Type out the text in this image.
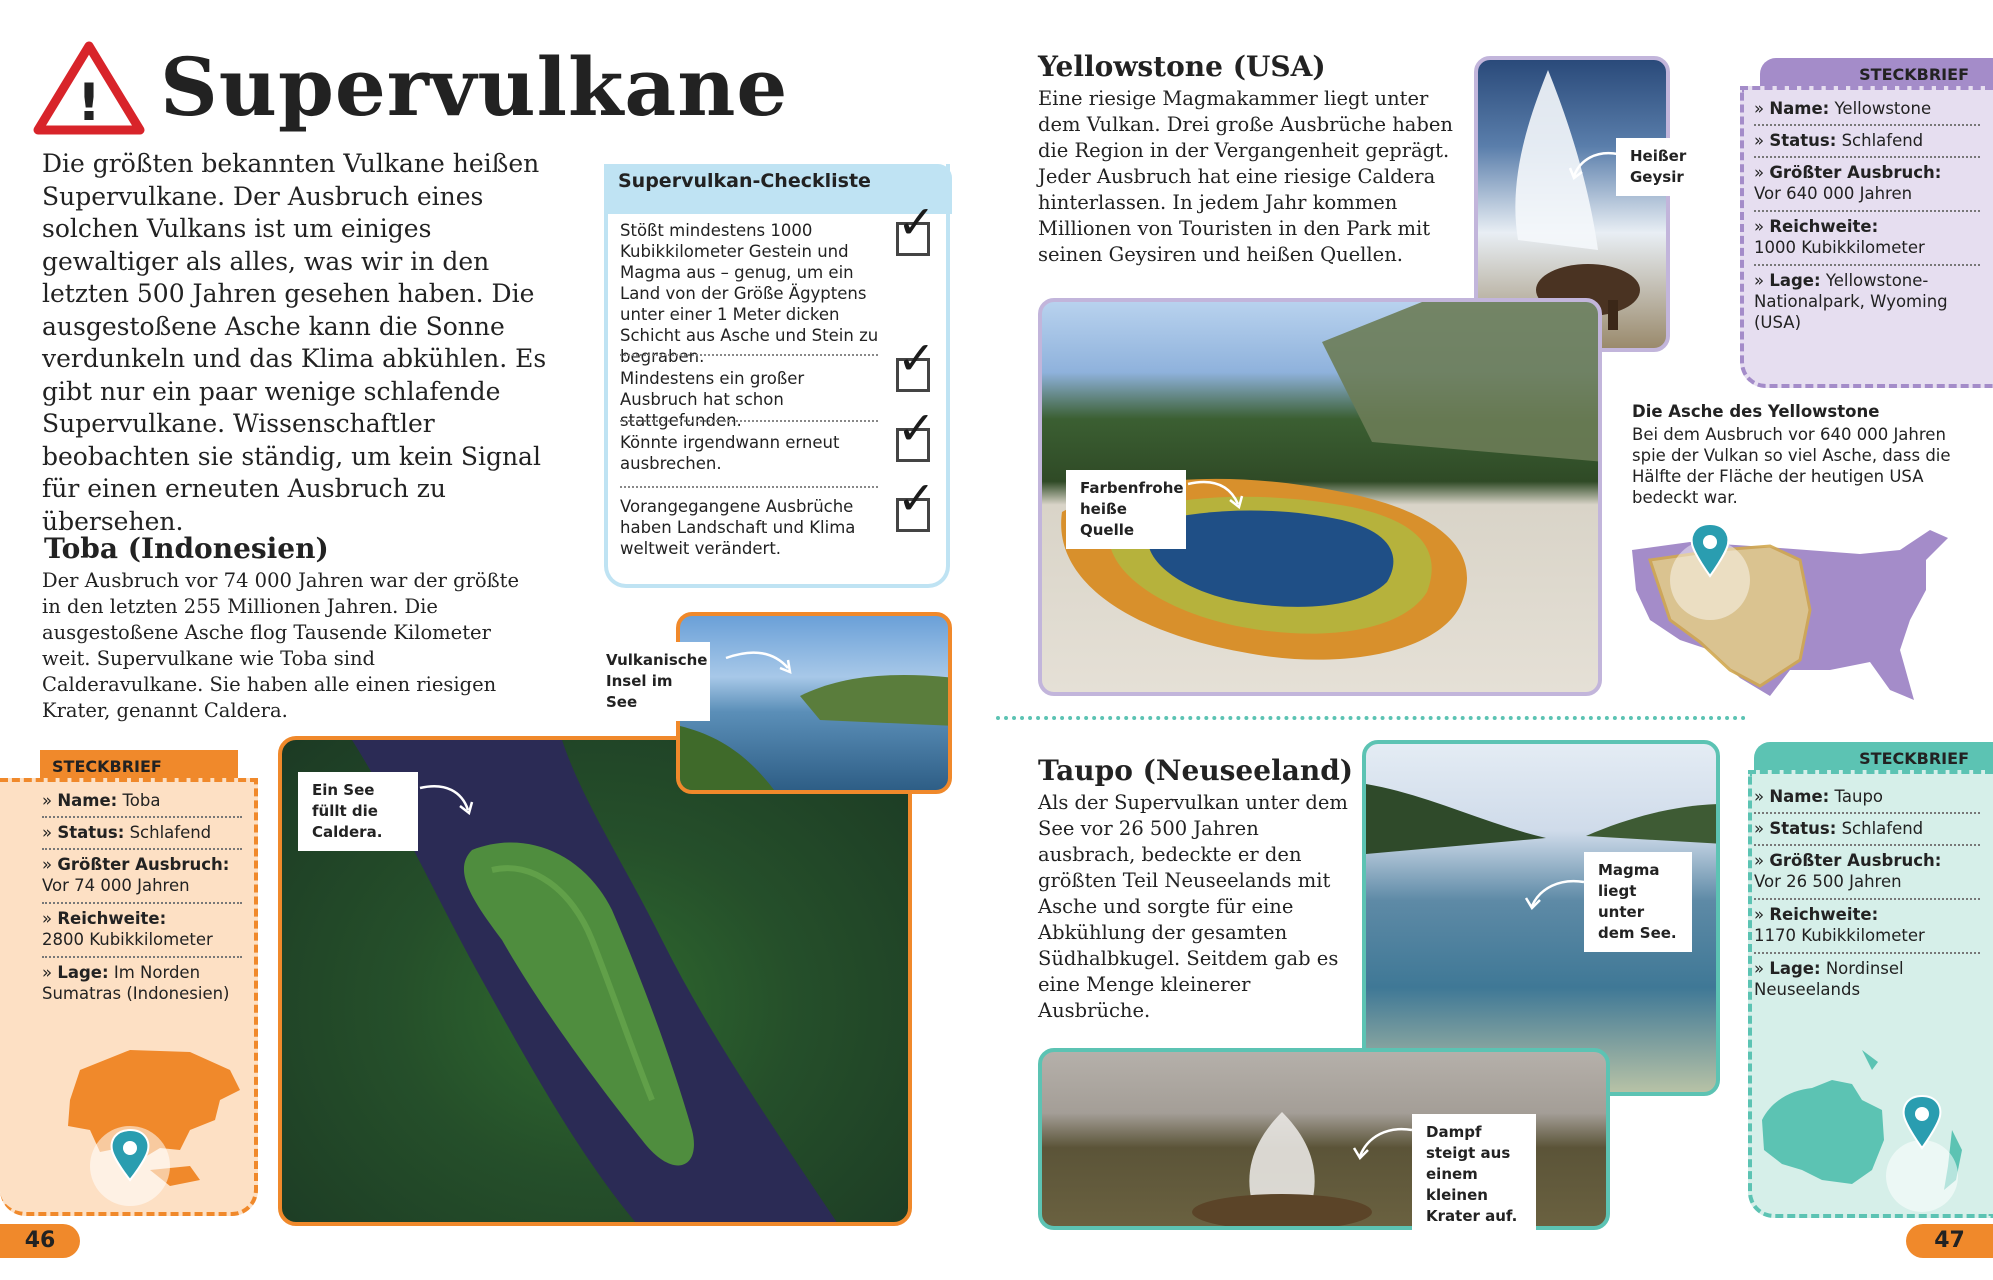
! Supervulkane
Die größten bekannten Vulkane heißen Supervulkane. Der Ausbruch eines solchen Vulkans ist um einiges gewaltiger als alles, was wir in den letzten 500 Jahren gesehen haben. Die ausgestoßene Asche kann die Sonne verdunkeln und das Klima abkühlen. Es gibt nur ein paar wenige schlafende Supervulkane. Wissenschaftler beobachten sie ständig, um kein Signal für einen erneuten Ausbruch zu übersehen.
Supervulkan-Checkliste
Stößt mindestens 1000 Kubikkilometer Gestein und Magma aus – genug, um ein Land von der Größe Ägyptens unter einer 1 Meter dicken Schicht aus Asche und Stein zu begraben.
✓
Mindestens ein großer Ausbruch hat schon stattgefunden.
✓
Könnte irgendwann erneut ausbrechen.
✓
Vorangegangene Ausbrüche haben Landschaft und Klima weltweit verändert.
✓
Toba (Indonesien)
Der Ausbruch vor 74 000 Jahren war der größte in den letzten 255 Millionen Jahren. Die ausgestoßene Asche flog Tausende Kilometer weit. Supervulkane wie Toba sind Calderavulkane. Sie haben alle einen riesigen Krater, genannt Caldera.
STECKBRIEF
» Name: Toba
» Status: Schlafend
» Größter Ausbruch:
Vor 74 000 Jahren
» Reichweite:
2800 Kubikkilometer
» Lage: Im Norden Sumatras (Indonesien)
Ein See füllt die Caldera.
Vulkanische Insel im See
46
Yellowstone (USA)
Eine riesige Magmakammer liegt unter dem Vulkan. Drei große Ausbrüche haben die Region in der Vergangenheit geprägt. Jeder Ausbruch hat eine riesige Caldera hinterlassen. In jedem Jahr kommen Millionen von Touristen in den Park mit seinen Geysiren und heißen Quellen.
Heißer Geysir
Farbenfrohe heiße Quelle
STECKBRIEF
» Name: Yellowstone
» Status: Schlafend
» Größter Ausbruch:
Vor 640 000 Jahren
» Reichweite:
1000 Kubikkilometer
» Lage: Yellowstone-Nationalpark, Wyoming (USA)
Die Asche des Yellowstone
Bei dem Ausbruch vor 640 000 Jahren spie der Vulkan so viel Asche, dass die Hälfte der Fläche der heutigen USA bedeckt war.
Taupo (Neuseeland)
Als der Supervulkan unter dem See vor 26 500 Jahren ausbrach, bedeckte er den größten Teil Neuseelands mit Asche und sorgte für eine Abkühlung der gesamten Südhalbkugel. Seitdem gab es eine Menge kleinerer Ausbrüche.
Magma liegt unter dem See.
Dampf steigt aus einem kleinen Krater auf.
STECKBRIEF
» Name: Taupo
» Status: Schlafend
» Größter Ausbruch:
Vor 26 500 Jahren
» Reichweite:
1170 Kubikkilometer
» Lage: Nordinsel Neuseelands
47
